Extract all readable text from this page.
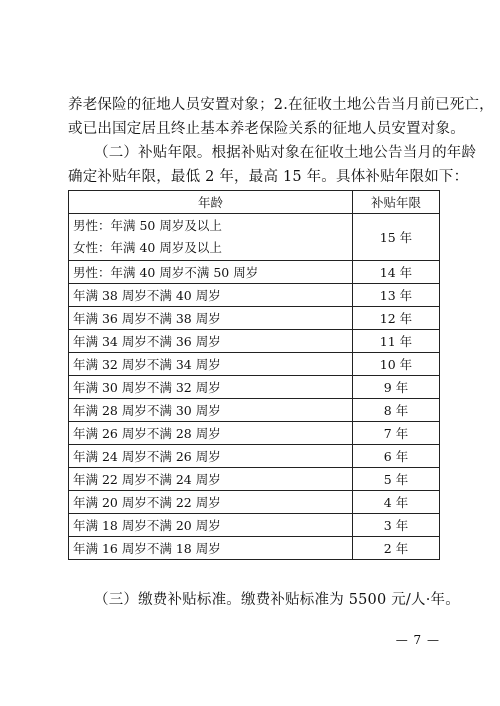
养老保险的征地人员安置对象；2.在征收土地公告当月前已死亡，
或已出国定居且终止基本养老保险关系的征地人员安置对象。
（二）补贴年限。根据补贴对象在征收土地公告当月的年龄
确定补贴年限，最低 2 年，最高 15 年。具体补贴年限如下：
年龄	补贴年限

男性：年满 50 周岁及以上
女性：年满 40 周岁及以上	15 年
男性：年满 40 周岁不满 50 周岁	14 年
年满 38 周岁不满 40 周岁	13 年
年满 36 周岁不满 38 周岁	12 年
年满 34 周岁不满 36 周岁	11 年
年满 32 周岁不满 34 周岁	10 年
年满 30 周岁不满 32 周岁	9 年
年满 28 周岁不满 30 周岁	8 年
年满 26 周岁不满 28 周岁	7 年
年满 24 周岁不满 26 周岁	6 年
年满 22 周岁不满 24 周岁	5 年
年满 20 周岁不满 22 周岁	4 年
年满 18 周岁不满 20 周岁	3 年
年满 16 周岁不满 18 周岁	2 年
（三）缴费补贴标准。缴费补贴标准为 5500 元/人·年。
— 7 —
